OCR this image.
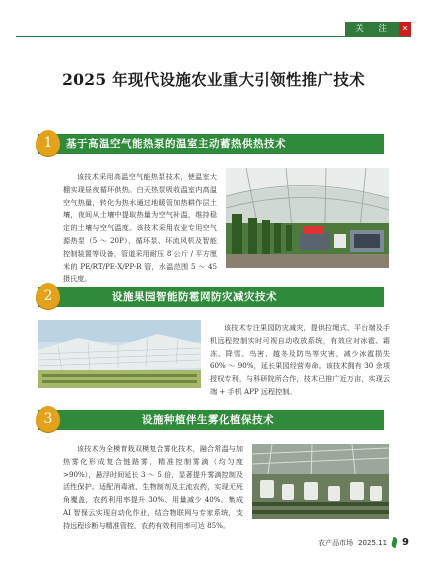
关 注	✕
2025 年现代设施农业重大引领性推广技术
1	基于高温空气能热泵的温室主动蓄热供热技术
该技术采用高温空气能热泵技术，使温室大棚实现昼夜循环供热。白天热泵吸收温室内高温空气热量，转化为热水通过地暖管加热耕作层土壤，夜间从土壤中提取热量为空气补温，维持稳定的土壤与空气温度。该技术采用农业专用空气源热泵（5 ～ 20P）、循环泵、环流风机及智能控制装置等设备，管道采用耐压 8 公斤 / 平方厘米的 PE/RT/PE-X/PP-R 管，水温范围 5 ～ 45 摄氏度。
2	设施果园智能防雹网防灾减灾技术
该技术专注果园防灾减灾，提供拉绳式、平台端及手机远程控制实时可视自动收放系统，有效应对冰雹、霜冻、降雪、鸟害、越冬及防鸟等灾害，减少冰雹损失 60% ～ 90%，延长果园经营寿命。该技术拥有 30 余项授权专利，与科研院所合作，技术已推广近万亩，实现云端 + 手机 APP 远程控制。
3	设施种植伴生雾化植保技术
该技术为全模育栽双模复合雾化技术，融合常温与加热雾化形成复合链路雾，精准控制雾滴（均匀度 >90%），悬浮时间延长 3 ～ 5 倍，显著提升雾滴控制及活性保护。适配消毒液、生物制剂及主流农药，实现无死角覆盖，农药利用率提升 30%、用量减少 40%。集成 AI 智保云实现自动化作业，结合物联网与专家系统，支持远程诊断与精准管控，农药有效利用率可达 85%。
农产品市场 2025.11 9
